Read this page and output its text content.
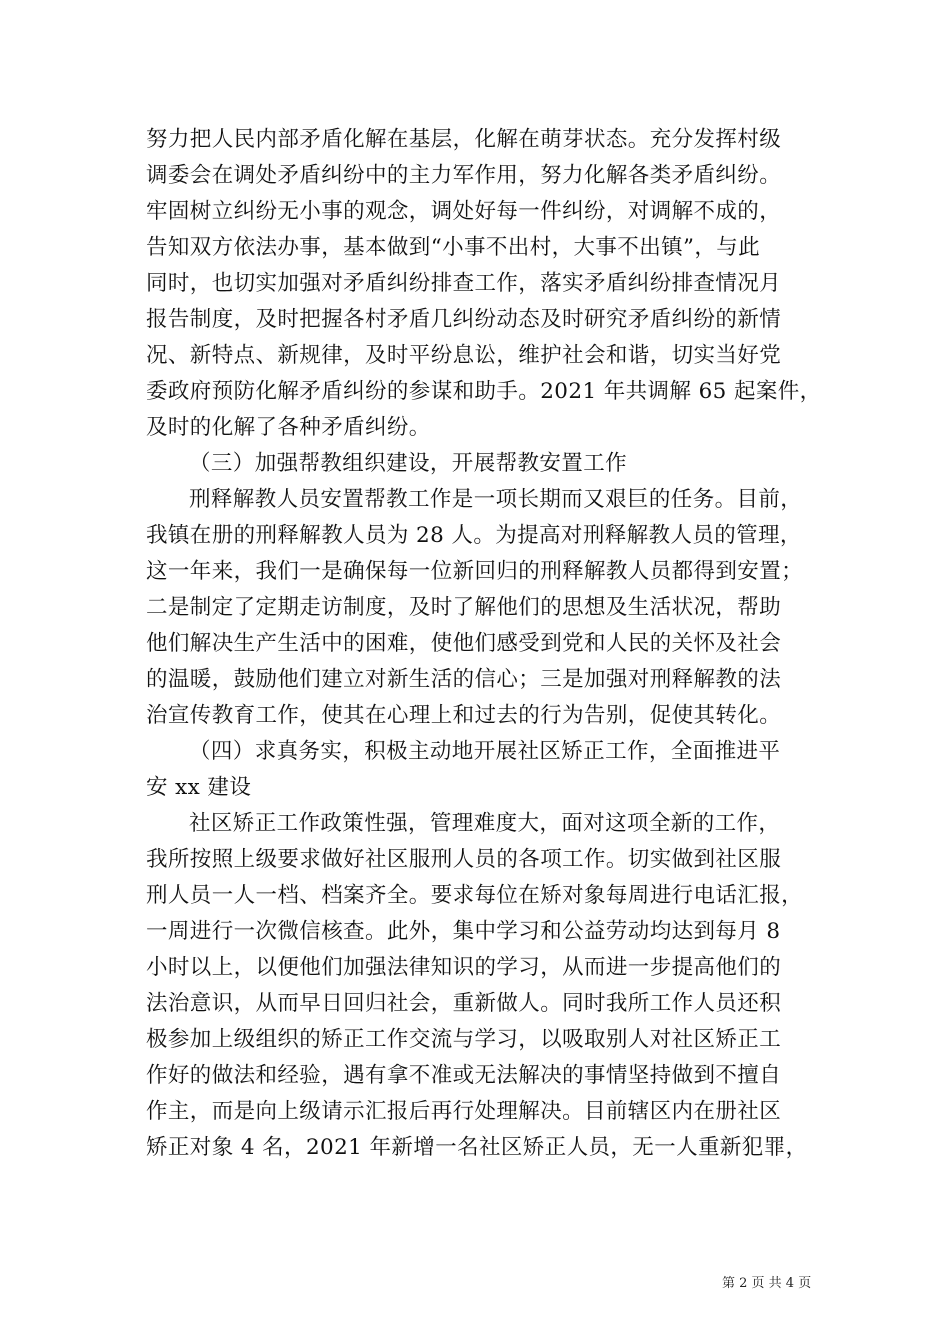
努力把人民内部矛盾化解在基层，化解在萌芽状态。充分发挥村级
调委会在调处矛盾纠纷中的主力军作用，努力化解各类矛盾纠纷。
牢固树立纠纷无小事的观念，调处好每一件纠纷，对调解不成的，
告知双方依法办事，基本做到“小事不出村，大事不出镇”，与此
同时，也切实加强对矛盾纠纷排查工作，落实矛盾纠纷排查情况月
报告制度，及时把握各村矛盾几纠纷动态及时研究矛盾纠纷的新情
况、新特点、新规律，及时平纷息讼，维护社会和谐，切实当好党
委政府预防化解矛盾纠纷的参谋和助手。2021 年共调解 65 起案件，
及时的化解了各种矛盾纠纷。
（三）加强帮教组织建设，开展帮教安置工作
刑释解教人员安置帮教工作是一项长期而又艰巨的任务。目前，
我镇在册的刑释解教人员为 28 人。为提高对刑释解教人员的管理，
这一年来，我们一是确保每一位新回归的刑释解教人员都得到安置；
二是制定了定期走访制度，及时了解他们的思想及生活状况，帮助
他们解决生产生活中的困难，使他们感受到党和人民的关怀及社会
的温暖，鼓励他们建立对新生活的信心；三是加强对刑释解教的法
治宣传教育工作，使其在心理上和过去的行为告别，促使其转化。
（四）求真务实，积极主动地开展社区矫正工作，全面推进平
安 xx 建设
社区矫正工作政策性强，管理难度大，面对这项全新的工作，
我所按照上级要求做好社区服刑人员的各项工作。切实做到社区服
刑人员一人一档、档案齐全。要求每位在矫对象每周进行电话汇报，
一周进行一次微信核查。此外，集中学习和公益劳动均达到每月 8
小时以上，以便他们加强法律知识的学习，从而进一步提高他们的
法治意识，从而早日回归社会，重新做人。同时我所工作人员还积
极参加上级组织的矫正工作交流与学习，以吸取别人对社区矫正工
作好的做法和经验，遇有拿不准或无法解决的事情坚持做到不擅自
作主，而是向上级请示汇报后再行处理解决。目前辖区内在册社区
矫正对象 4 名，2021 年新增一名社区矫正人员，无一人重新犯罪，
第 2 页 共 4 页
